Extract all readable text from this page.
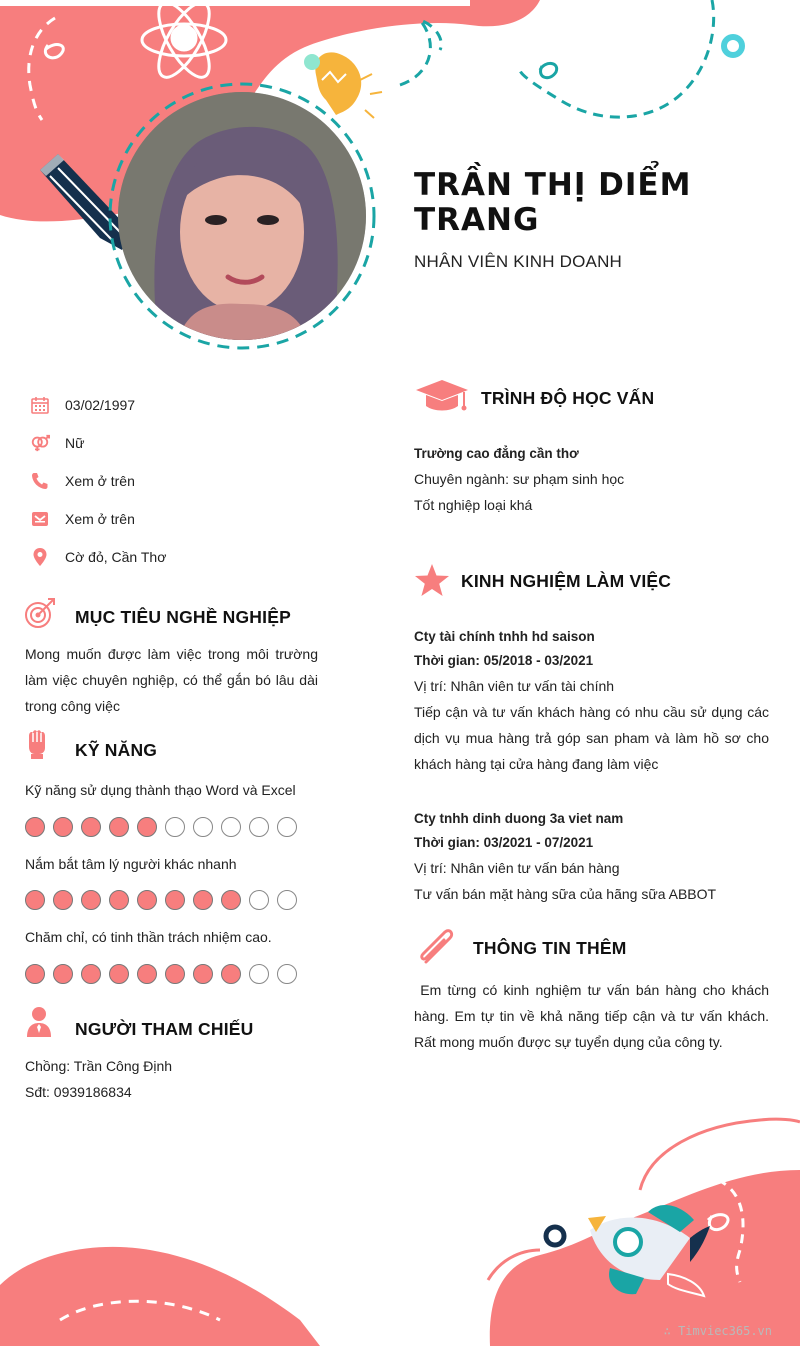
TRẦN THỊ DIỂM TRANG
NHÂN VIÊN KINH DOANH
03/02/1997
Nữ
Xem ở trên
Xem ở trên
Cờ đỏ, Cần Thơ
MỤC TIÊU NGHỀ NGHIỆP
Mong muốn được làm việc trong môi trường làm việc chuyên nghiệp, có thể gắn bó lâu dài trong công việc
KỸ NĂNG
Kỹ năng sử dụng thành thạo Word và Excel
Nắm bắt tâm lý người khác nhanh
Chăm chỉ, có tinh thần trách nhiệm cao.
NGƯỜI THAM CHIẾU
Chồng: Trần Công Định
Sđt: 0939186834
TRÌNH ĐỘ HỌC VẤN
Trường cao đẳng cần thơ
Chuyên ngành: sư phạm sinh học
Tốt nghiệp loại khá
KINH NGHIỆM LÀM VIỆC
Cty tài chính tnhh hd saison
Thời gian: 05/2018 - 03/2021
Vị trí: Nhân viên tư vấn tài chính
Tiếp cận và tư vấn khách hàng có nhu cầu sử dụng các dịch vụ mua hàng trả góp san pham và làm hồ sơ cho khách hàng tại cửa hàng đang làm việc
Cty tnhh dinh duong 3a viet nam
Thời gian: 03/2021 - 07/2021
Vị trí: Nhân viên tư vấn bán hàng
Tư vấn bán mặt hàng sữa của hãng sữa ABBOT
THÔNG TIN THÊM
Em từng có kinh nghiệm tư vấn bán hàng cho khách hàng. Em tự tin về khả năng tiếp cận và tư vấn khách. Rất mong muốn được sự tuyển dụng của công ty.
∴ Timviec365.vn
